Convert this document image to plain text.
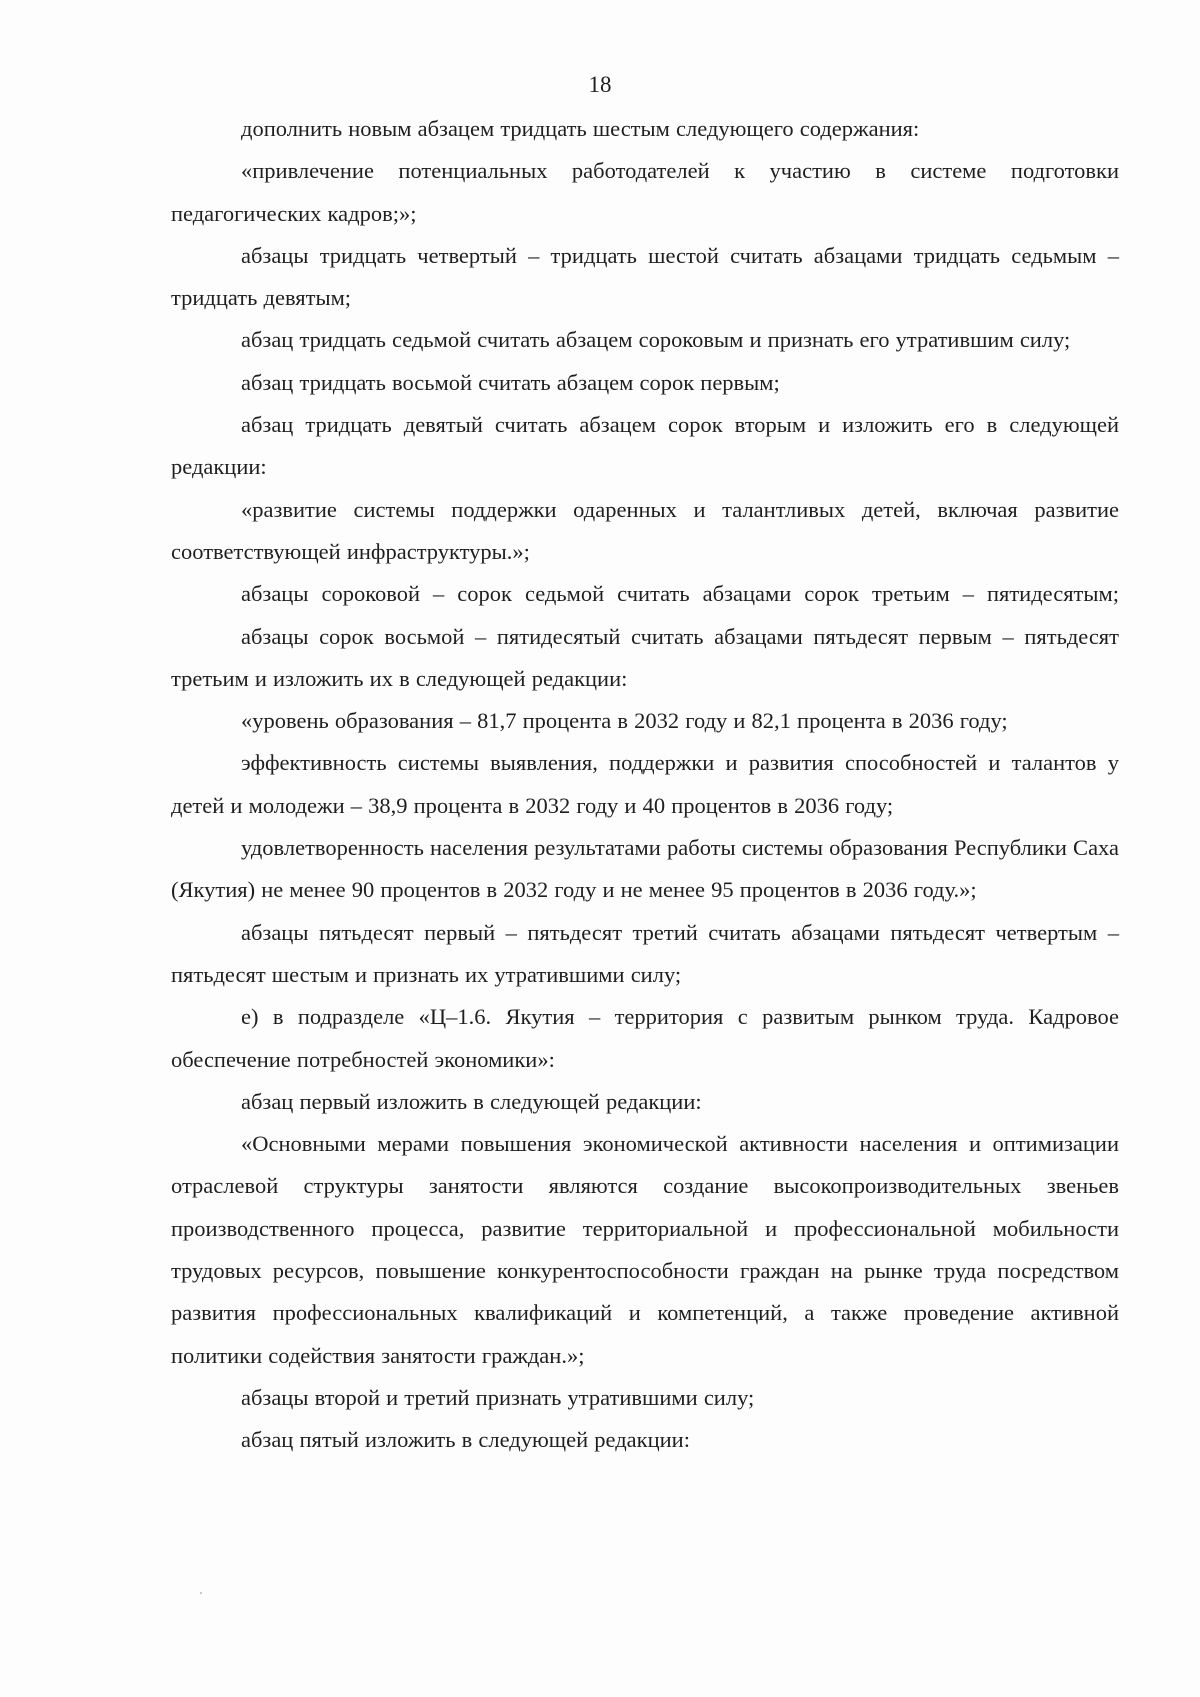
18

дополнить новым абзацем тридцать шестым следующего содержания:

«привлечение потенциальных работодателей к участию в системе подготовки педагогических кадров;»;

абзацы тридцать четвертый – тридцать шестой считать абзацами тридцать седьмым – тридцать девятым;

абзац тридцать седьмой считать абзацем сороковым и признать его утратившим силу;

абзац тридцать восьмой считать абзацем сорок первым;

абзац тридцать девятый считать абзацем сорок вторым и изложить его в следующей редакции:

«развитие системы поддержки одаренных и талантливых детей, включая развитие соответствующей инфраструктуры.»;

абзацы сороковой – сорок седьмой считать абзацами сорок третьим – пятидесятым;

абзацы сорок восьмой – пятидесятый считать абзацами пятьдесят первым – пятьдесят третьим и изложить их в следующей редакции:

«уровень образования – 81,7 процента в 2032 году и 82,1 процента в 2036 году;

эффективность системы выявления, поддержки и развития способностей и талантов у детей и молодежи – 38,9 процента в 2032 году и 40 процентов в 2036 году;

удовлетворенность населения результатами работы системы образования Республики Саха (Якутия) не менее 90 процентов в 2032 году и не менее 95 процентов в 2036 году.»;

абзацы пятьдесят первый – пятьдесят третий считать абзацами пятьдесят четвертым – пятьдесят шестым и признать их утратившими силу;

е) в подразделе «Ц–1.6. Якутия – территория с развитым рынком труда. Кадровое обеспечение потребностей экономики»:

абзац первый изложить в следующей редакции:

«Основными мерами повышения экономической активности населения и оптимизации отраслевой структуры занятости являются создание высокопроизводительных звеньев производственного процесса, развитие территориальной и профессиональной мобильности трудовых ресурсов, повышение конкурентоспособности граждан на рынке труда посредством развития профессиональных квалификаций и компетенций, а также проведение активной политики содействия занятости граждан.»;

абзацы второй и третий признать утратившими силу;

абзац пятый изложить в следующей редакции:
